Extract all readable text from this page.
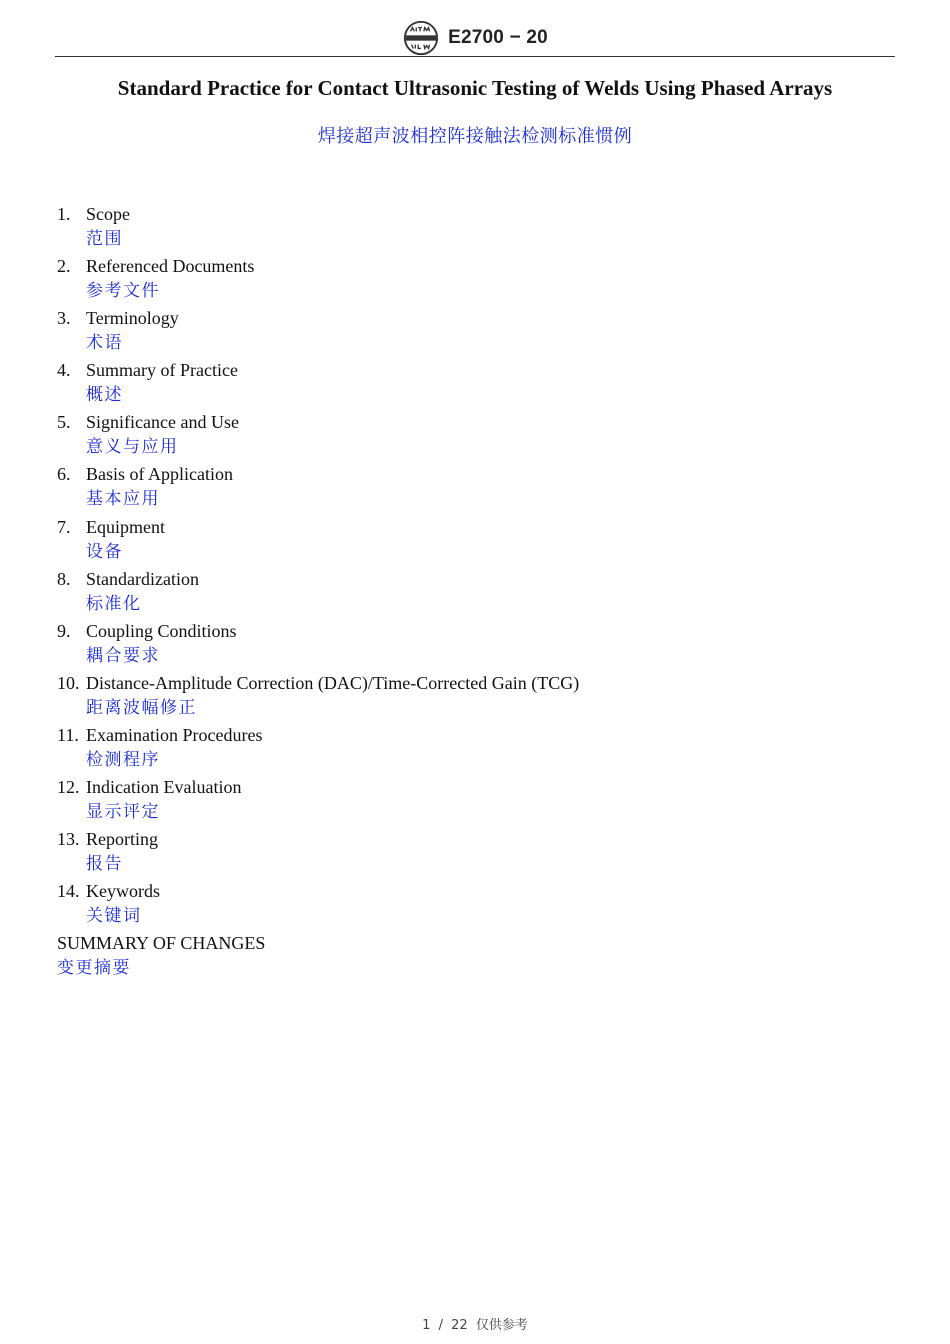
E2700 − 20
Standard Practice for Contact Ultrasonic Testing of Welds Using Phased Arrays
焊接超声波相控阵接触法检测标准惯例
1. Scope
范围
2. Referenced Documents
参考文件
3. Terminology
术语
4. Summary of Practice
概述
5. Significance and Use
意义与应用
6. Basis of Application
基本应用
7. Equipment
设备
8. Standardization
标准化
9. Coupling Conditions
耦合要求
10. Distance-Amplitude Correction (DAC)/Time-Corrected Gain (TCG)
距离波幅修正
11. Examination Procedures
检测程序
12. Indication Evaluation
显示评定
13. Reporting
报告
14. Keywords
关键词
SUMMARY OF CHANGES
变更摘要
1 / 22 仅供参考
